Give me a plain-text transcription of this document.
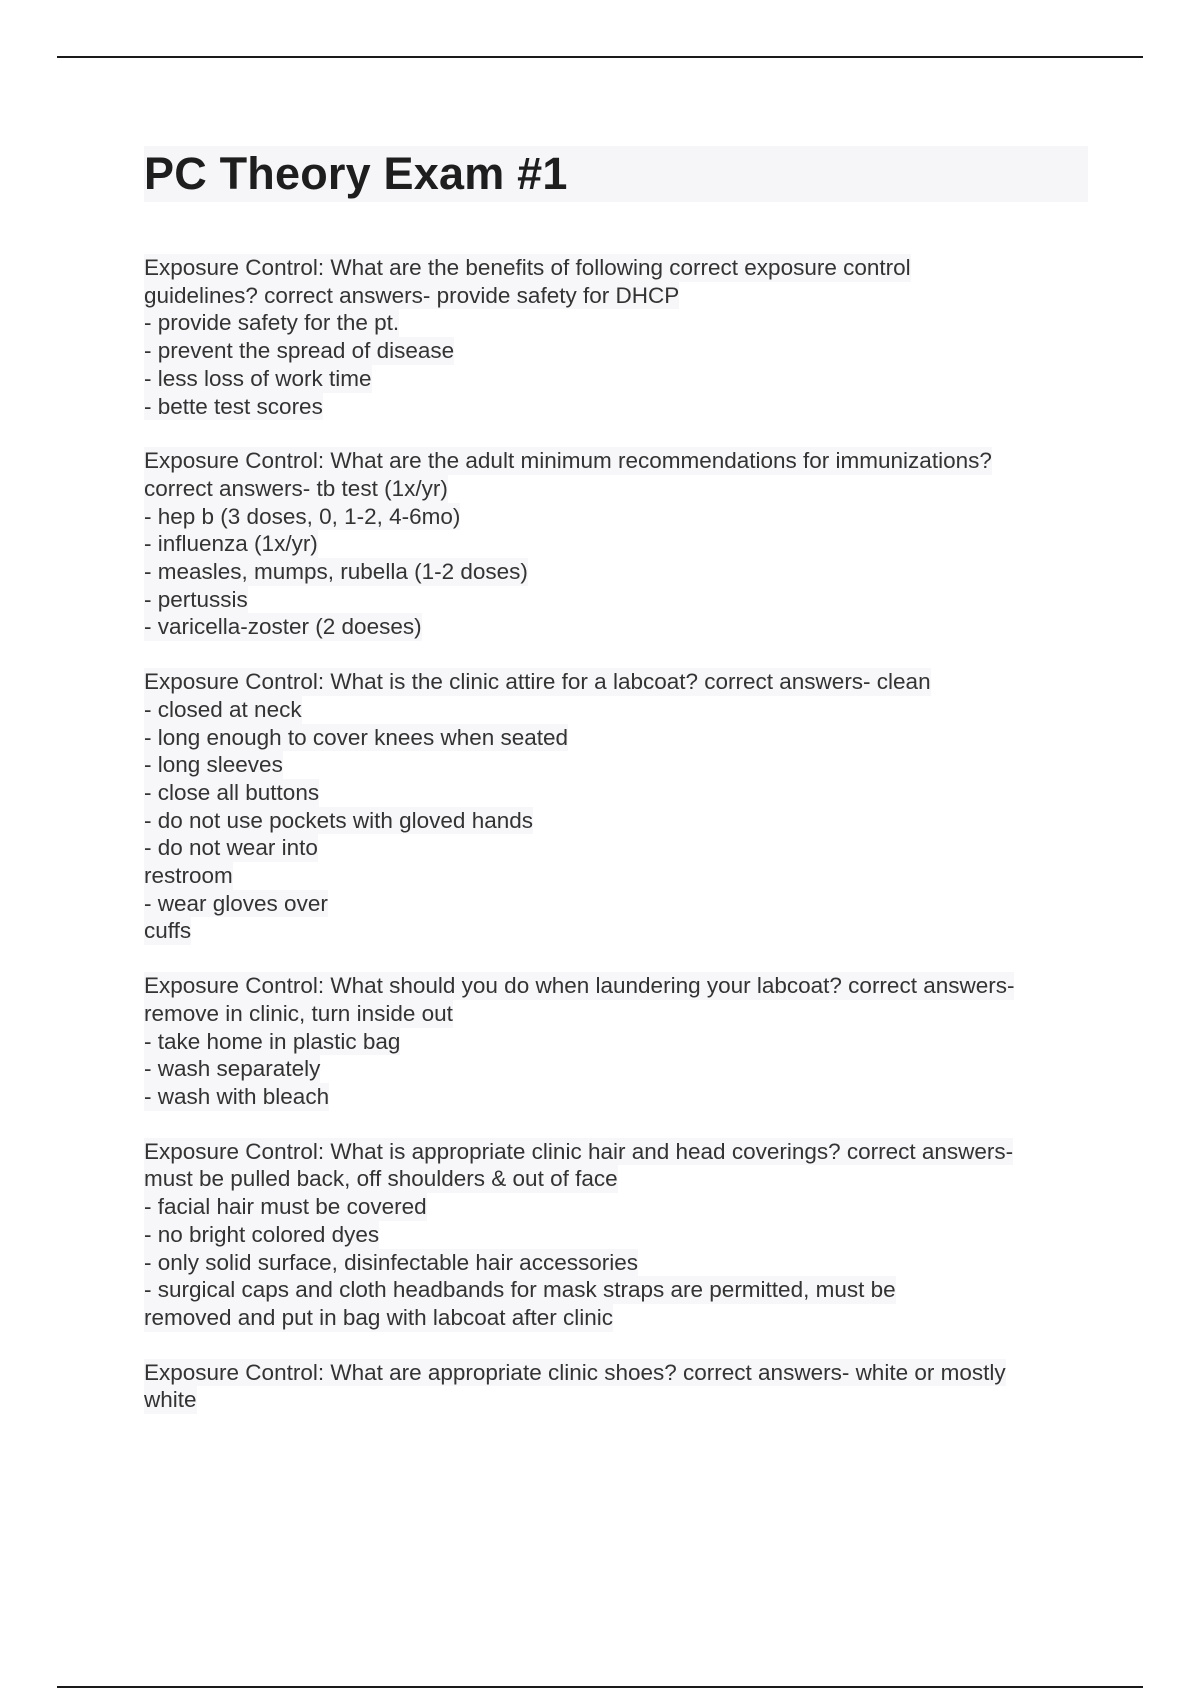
PC Theory Exam #1
Exposure Control: What are the benefits of following correct exposure control
guidelines? correct answers- provide safety for DHCP
- provide safety for the pt.
- prevent the spread of disease
- less loss of work time
- bette test scores
Exposure Control: What are the adult minimum recommendations for immunizations?
correct answers- tb test (1x/yr)
- hep b (3 doses, 0, 1-2, 4-6mo)
- influenza (1x/yr)
- measles, mumps, rubella (1-2 doses)
- pertussis
- varicella-zoster (2 doeses)
Exposure Control: What is the clinic attire for a labcoat? correct answers- clean
- closed at neck
- long enough to cover knees when seated
- long sleeves
- close all buttons
- do not use pockets with gloved hands
- do not wear into
restroom
- wear gloves over
cuffs
Exposure Control: What should you do when laundering your labcoat? correct answers-
remove in clinic, turn inside out
- take home in plastic bag
- wash separately
- wash with bleach
Exposure Control: What is appropriate clinic hair and head coverings? correct answers-
must be pulled back, off shoulders & out of face
- facial hair must be covered
- no bright colored dyes
- only solid surface, disinfectable hair accessories
- surgical caps and cloth headbands for mask straps are permitted, must be
removed and put in bag with labcoat after clinic
Exposure Control: What are appropriate clinic shoes? correct answers- white or mostly
white
